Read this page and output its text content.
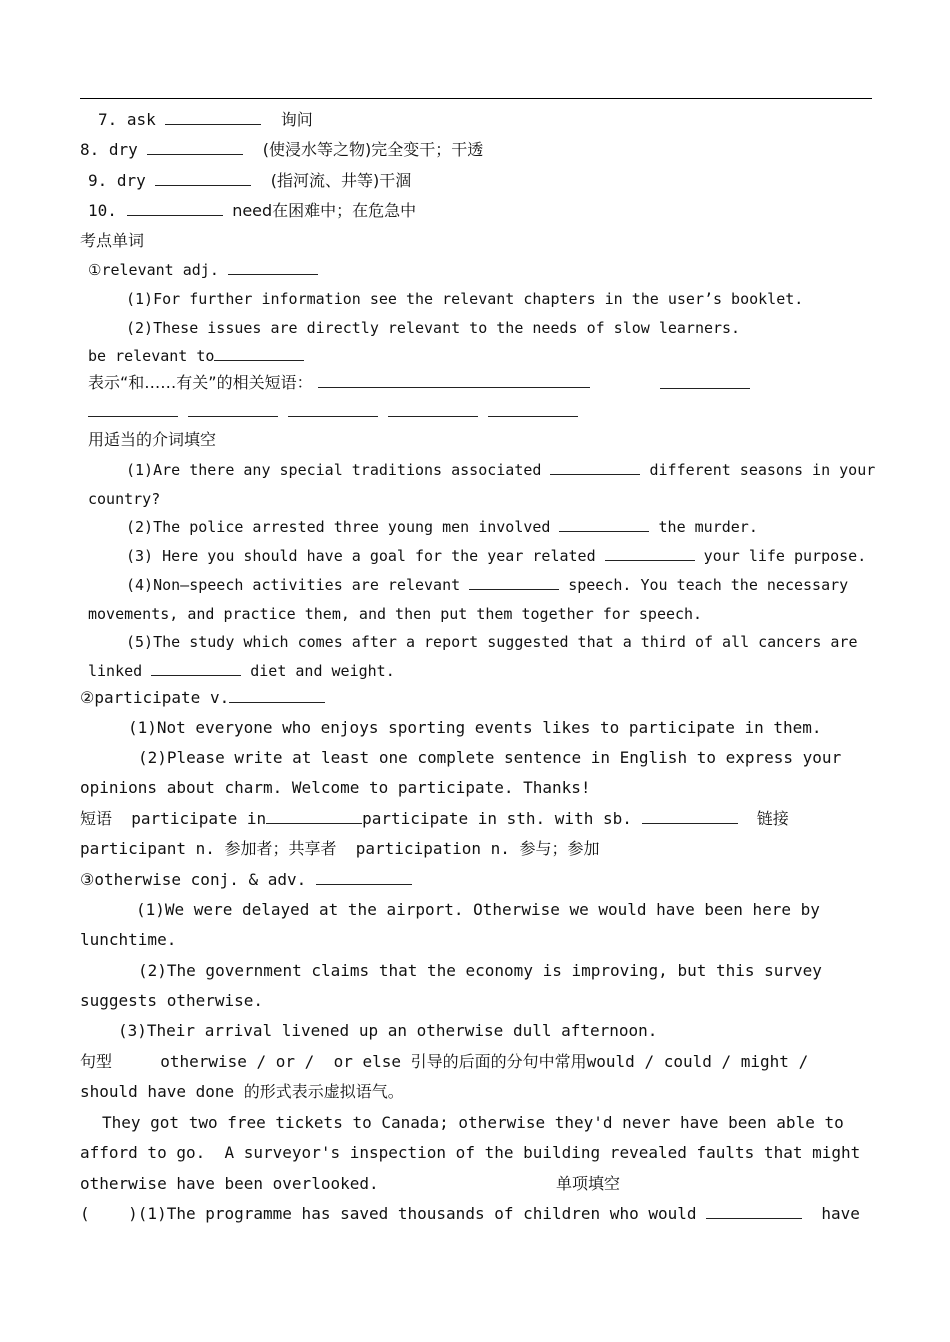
7. ask	询问
8. dry	(使浸水等之物)完全变干；干透
9. dry	(指河流、井等)干涸
10.	need在困难中；在危急中
考点单词
①relevant adj.
(1)For further information see the relevant chapters in the user’s booklet.
(2)These issues are directly relevant to the needs of slow learners.
be relevant to
表示“和……有关”的相关短语：
用适当的介词填空
(1)Are there any special traditions associated	different seasons in your
country?
(2)The police arrested three young men involved	the murder.
(3) Here you should have a goal for the year related	your life purpose.
(4)Non—speech activities are relevant	speech. You teach the necessary
movements, and practice them, and then put them together for speech.
(5)The study which comes after a report suggested that a third of all cancers are
linked	diet and weight.
②participate v.
(1)Not everyone who enjoys sporting events likes to participate in them.
(2)Please write at least one complete sentence in English to express your
opinions about charm. Welcome to participate. Thanks!
短语 participate in	participate in sth. with sb.	链接
participant n. 参加者；共享者  participation n. 参与；参加
③otherwise conj. & adv.
(1)We were delayed at the airport. Otherwise we would have been here by
lunchtime.
(2)The government claims that the economy is improving, but this survey
suggests otherwise.
(3)Their arrival livened up an otherwise dull afternoon.
句型	otherwise / or /  or else 引导的后面的分句中常用would / could / might /
should have done 的形式表示虚拟语气。
They got two free tickets to Canada; otherwise they'd never have been able to
afford to go.  A surveyor's inspection of the building revealed faults that might
otherwise have been overlooked.	单项填空
(    )(1)The programme has saved thousands of children who would	have
